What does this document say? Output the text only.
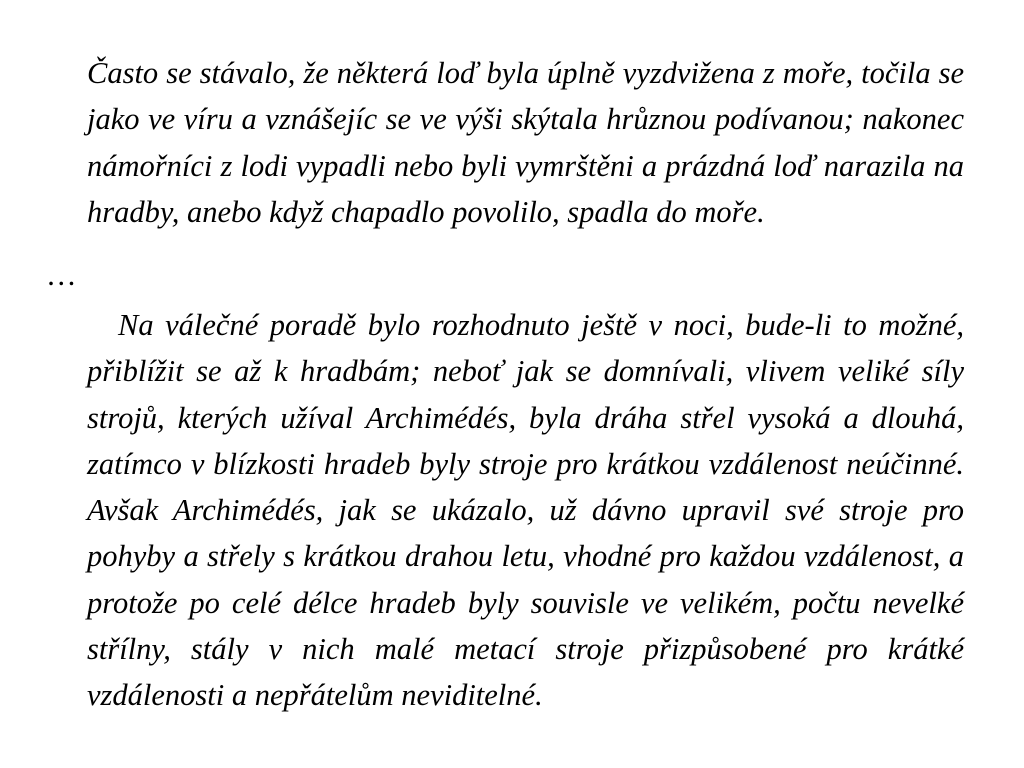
Často se stávalo, že některá loď byla úplně vyzdvižena z moře, točila se jako ve víru a vznášejíc se ve výši skýtala hrůznou podívanou; nakonec námořníci z lodi vypadli nebo byli vymrštěni a prázdná loď narazila na hradby, anebo když chapadlo povolilo, spadla do moře.

…

Na válečné poradě bylo rozhodnuto ještě v noci, bude-li to možné, přiblížit se až k hradbám; neboť jak se domnívali, vlivem veliké síly strojů, kterých užíval Archimédés, byla dráha střel vysoká a dlouhá, zatímco v blízkosti hradeb byly stroje pro krátkou vzdálenost neúčinné. Avšak Archimédés, jak se ukázalo, už dávno upravil své stroje pro pohyby a střely s krátkou drahou letu, vhodné pro každou vzdálenost, a protože po celé délce hradeb byly souvisle ve velikém, počtu nevelké střílny, stály v nich malé metací stroje přizpůsobené pro krátké vzdálenosti a nepřátelům neviditelné.
